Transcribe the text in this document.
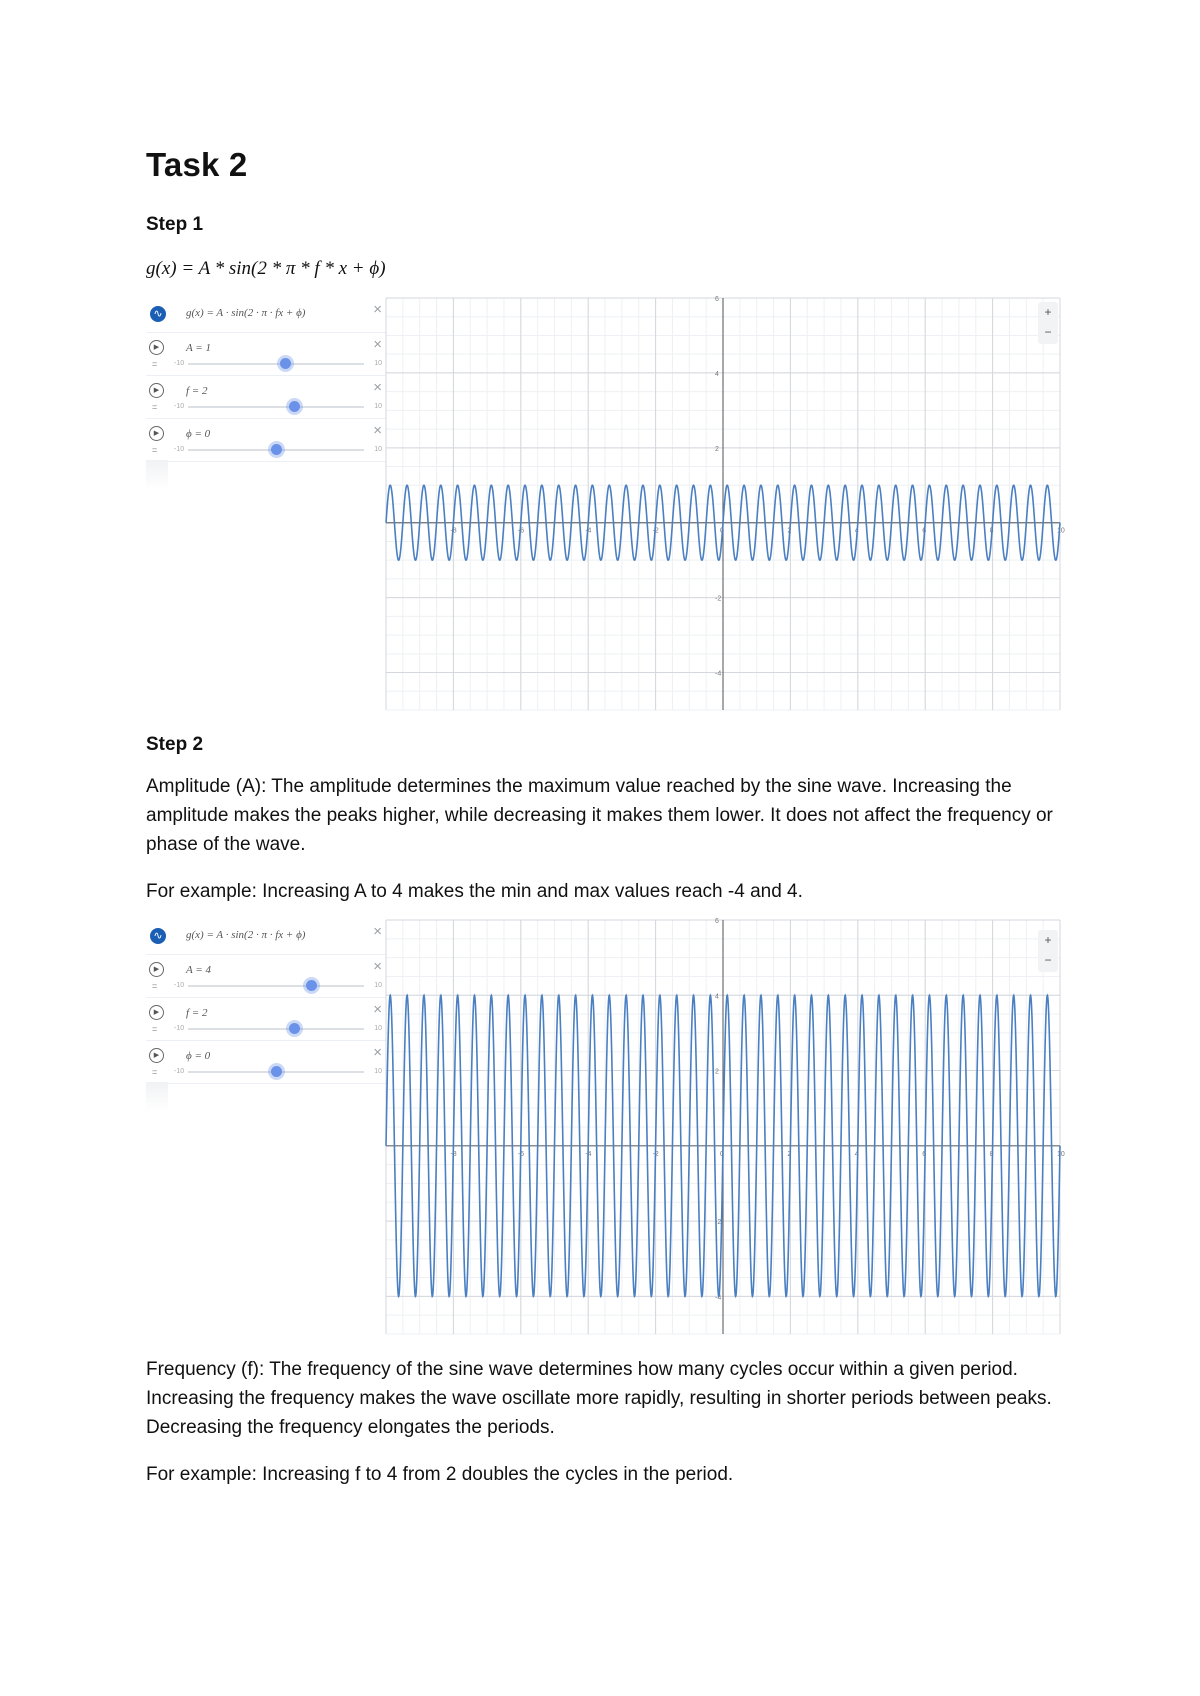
Task 2
Step 1
g(x) = A * sin(2 * π * f * x + ϕ)
∿	g(x) = A · sin(2 · π · fx + ϕ)	×
▶
=
A = 1	×
-10	10
▶
=
f = 2	×
-10	10
▶
=
ϕ = 0	×
-10	10
-8	-6	-4	-2	0	2	4	6	8	10
-4
-2
2
4
6
+
−
Step 2

Amplitude (A): The amplitude determines the maximum value reached by the sine wave. Increasing the amplitude makes the peaks higher, while decreasing it makes them lower. It does not affect the frequency or phase of the wave.

For example: Increasing A to 4 makes the min and max values reach -4 and 4.

∿	g(x) = A · sin(2 · π · fx + ϕ)	×
▶
=
A = 4	×
-10	10
▶
=
f = 2	×
-10	10
▶
=
ϕ = 0	×
-10	10
-8	-6	-4	-2	0	2	4	6	8	10
-4
-2
2
4
6
+
−

Frequency (f): The frequency of the sine wave determines how many cycles occur within a given period. Increasing the frequency makes the wave oscillate more rapidly, resulting in shorter periods between peaks. Decreasing the frequency elongates the periods.

For example: Increasing f to 4 from 2 doubles the cycles in the period.
